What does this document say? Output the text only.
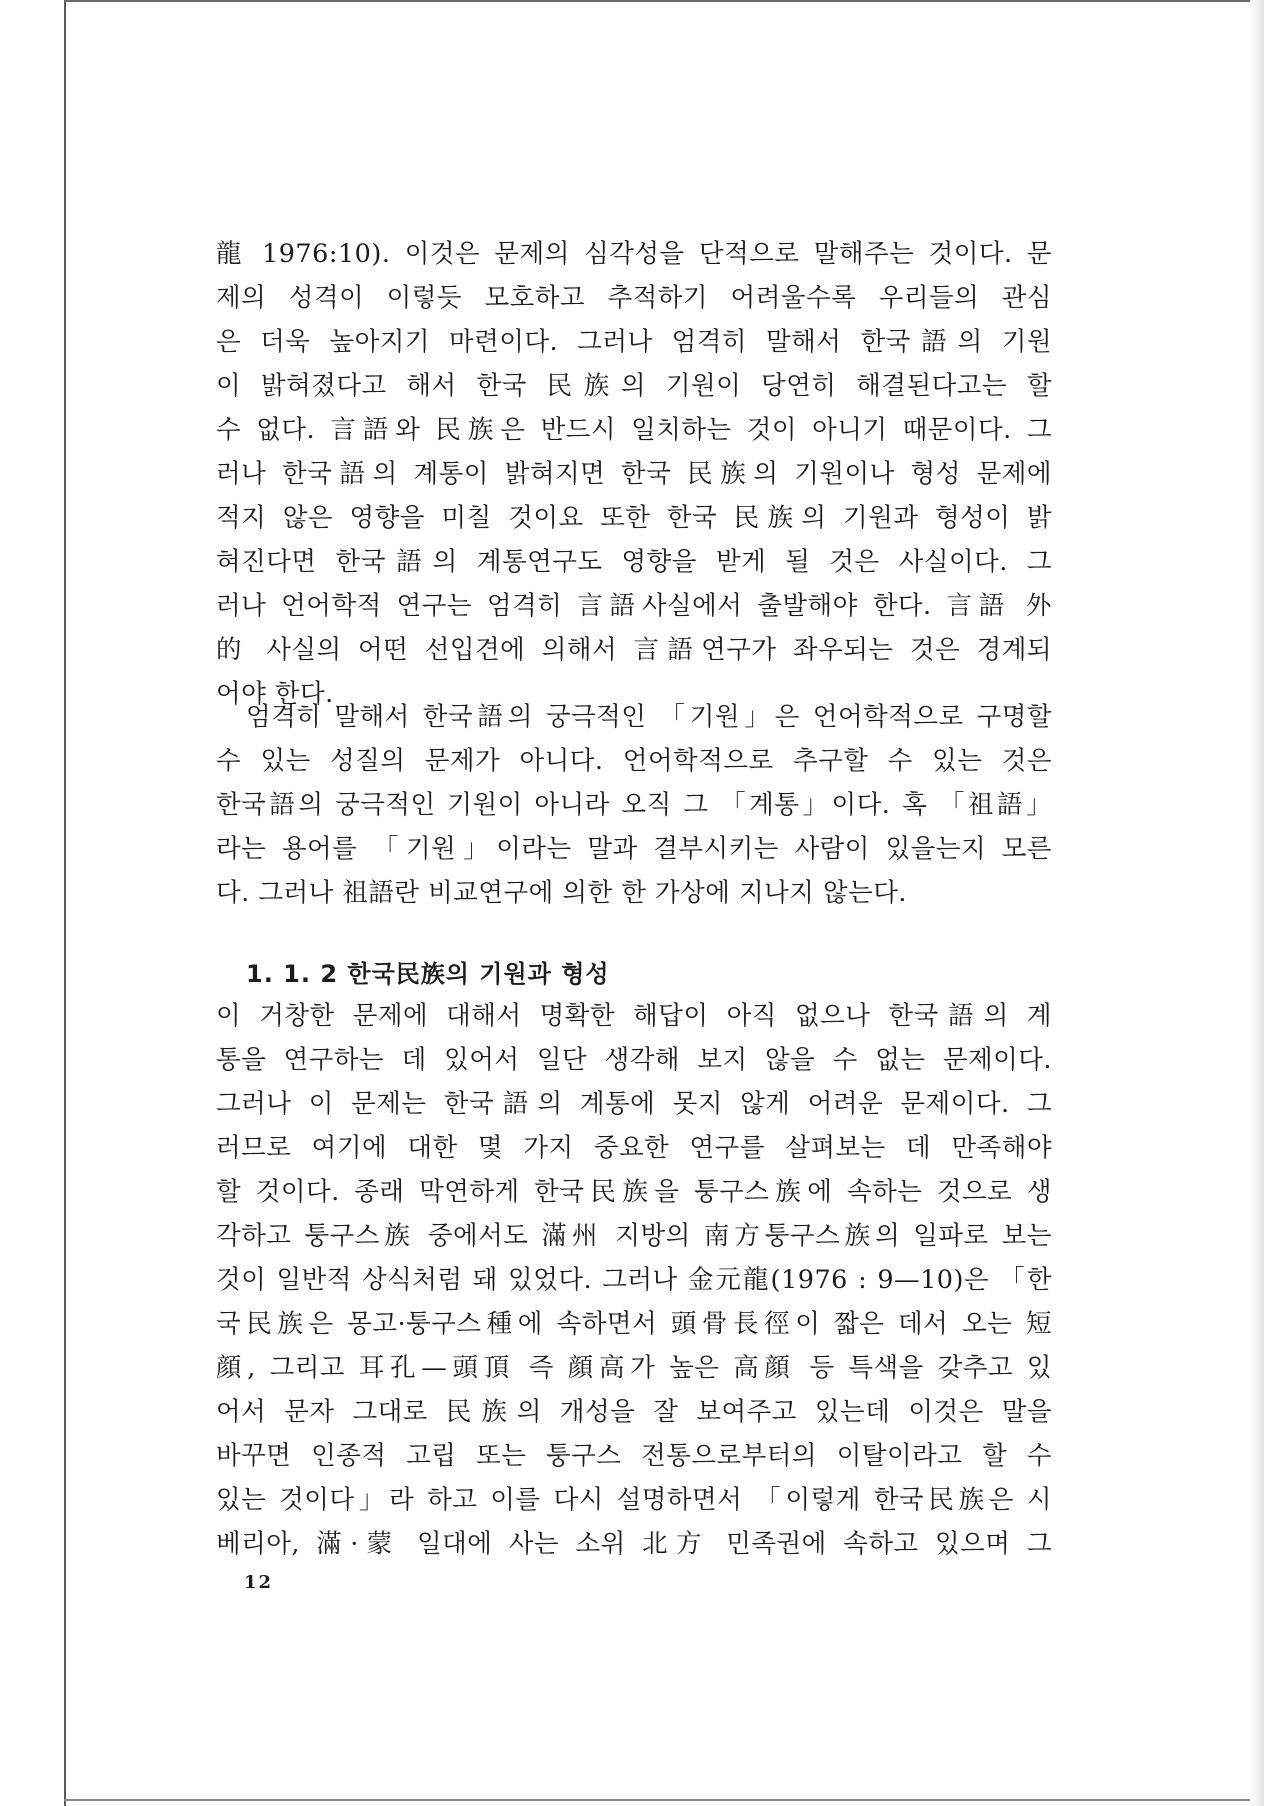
龍 1976:10). 이것은 문제의 심각성을 단적으로 말해주는 것이다. 문
제의 성격이 이렇듯 모호하고 추적하기 어려울수록 우리들의 관심
은 더욱 높아지기 마련이다. 그러나 엄격히 말해서 한국語의 기원
이 밝혀졌다고 해서 한국 民族의 기원이 당연히 해결된다고는 할
수 없다. 言語와 民族은 반드시 일치하는 것이 아니기 때문이다. 그
러나 한국語의 계통이 밝혀지면 한국 民族의 기원이나 형성 문제에
적지 않은 영향을 미칠 것이요 또한 한국 民族의 기원과 형성이 밝
혀진다면 한국語의 계통연구도 영향을 받게 될 것은 사실이다. 그
러나 언어학적 연구는 엄격히 言語사실에서 출발해야 한다. 言語 外
的 사실의 어떤 선입견에 의해서 言語연구가 좌우되는 것은 경계되
어야 한다.
엄격히 말해서 한국語의 궁극적인 「기원」은 언어학적으로 구명할
수 있는 성질의 문제가 아니다. 언어학적으로 추구할 수 있는 것은
한국語의 궁극적인 기원이 아니라 오직 그 「계통」이다. 혹 「祖語」
라는 용어를 「기원」이라는 말과 결부시키는 사람이 있을는지 모른
다. 그러나 祖語란 비교연구에 의한 한 가상에 지나지 않는다.
1. 1. 2 한국民族의 기원과 형성
이 거창한 문제에 대해서 명확한 해답이 아직 없으나 한국語의 계
통을 연구하는 데 있어서 일단 생각해 보지 않을 수 없는 문제이다.
그러나 이 문제는 한국語의 계통에 못지 않게 어려운 문제이다. 그
러므로 여기에 대한 몇 가지 중요한 연구를 살펴보는 데 만족해야
할 것이다. 종래 막연하게 한국民族을 퉁구스族에 속하는 것으로 생
각하고 퉁구스族 중에서도 滿州 지방의 南方퉁구스族의 일파로 보는
것이 일반적 상식처럼 돼 있었다. 그러나 金元龍(1976 : 9—10)은 「한
국民族은 몽고·퉁구스種에 속하면서 頭骨長徑이 짧은 데서 오는 短
顔, 그리고 耳孔—頭頂 즉 顔高가 높은 高顔 등 특색을 갖추고 있
어서 문자 그대로 民族의 개성을 잘 보여주고 있는데 이것은 말을
바꾸면 인종적 고립 또는 퉁구스 전통으로부터의 이탈이라고 할 수
있는 것이다」라 하고 이를 다시 설명하면서 「이렇게 한국民族은 시
베리아, 滿·蒙 일대에 사는 소위 北方 민족권에 속하고 있으며 그
12
